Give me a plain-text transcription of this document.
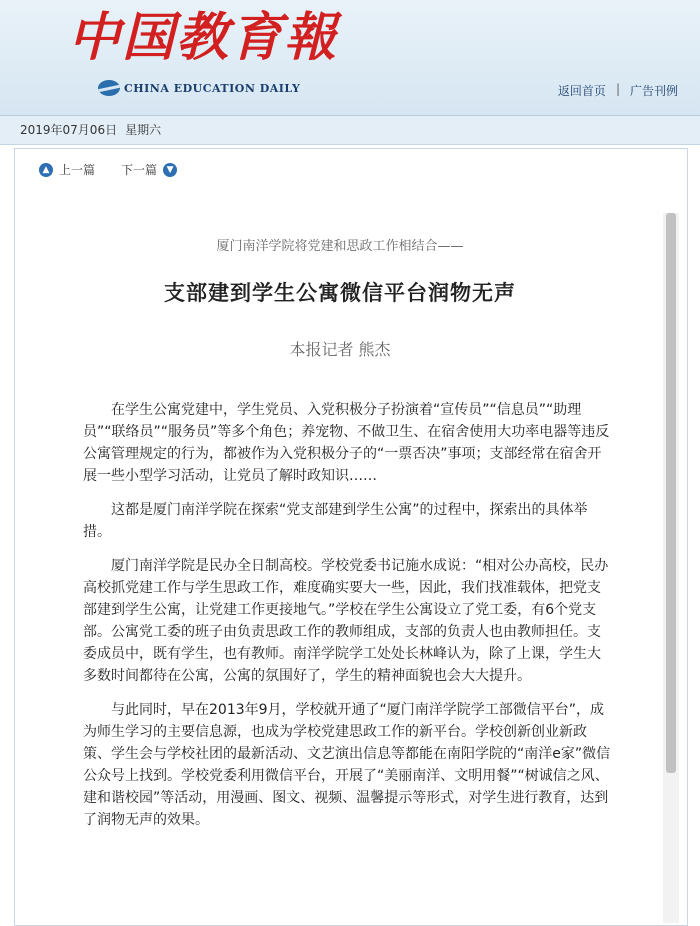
中国教育報
CHINA EDUCATION DAILY	返回首页 | 广告刊例
2019年07月06日 星期六
▲ 上一篇 下一篇	▼
厦门南洋学院将党建和思政工作相结合——
支部建到学生公寓微信平台润物无声
本报记者 熊杰

在学生公寓党建中，学生党员、入党积极分子扮演着“宣传员”“信息员”“助理员”“联络员”“服务员”等多个角色；养宠物、不做卫生、在宿舍使用大功率电器等违反公寓管理规定的行为，都被作为入党积极分子的“一票否决”事项；支部经常在宿舍开展一些小型学习活动，让党员了解时政知识……

这都是厦门南洋学院在探索“党支部建到学生公寓”的过程中，探索出的具体举措。

厦门南洋学院是民办全日制高校。学校党委书记施水成说：“相对公办高校，民办高校抓党建工作与学生思政工作，难度确实要大一些，因此，我们找准载体，把党支部建到学生公寓，让党建工作更接地气。”学校在学生公寓设立了党工委，有6个党支部。公寓党工委的班子由负责思政工作的教师组成，支部的负责人也由教师担任。支委成员中，既有学生，也有教师。南洋学院学工处处长林峰认为，除了上课，学生大多数时间都待在公寓，公寓的氛围好了，学生的精神面貌也会大大提升。

与此同时，早在2013年9月，学校就开通了“厦门南洋学院学工部微信平台”，成为师生学习的主要信息源，也成为学校党建思政工作的新平台。学校创新创业新政策、学生会与学校社团的最新活动、文艺演出信息等都能在南阳学院的“南洋e家”微信公众号上找到。学校党委利用微信平台，开展了“美丽南洋、文明用餐”“树诚信之风、建和谐校园”等活动，用漫画、图文、视频、温馨提示等形式，对学生进行教育，达到了润物无声的效果。
